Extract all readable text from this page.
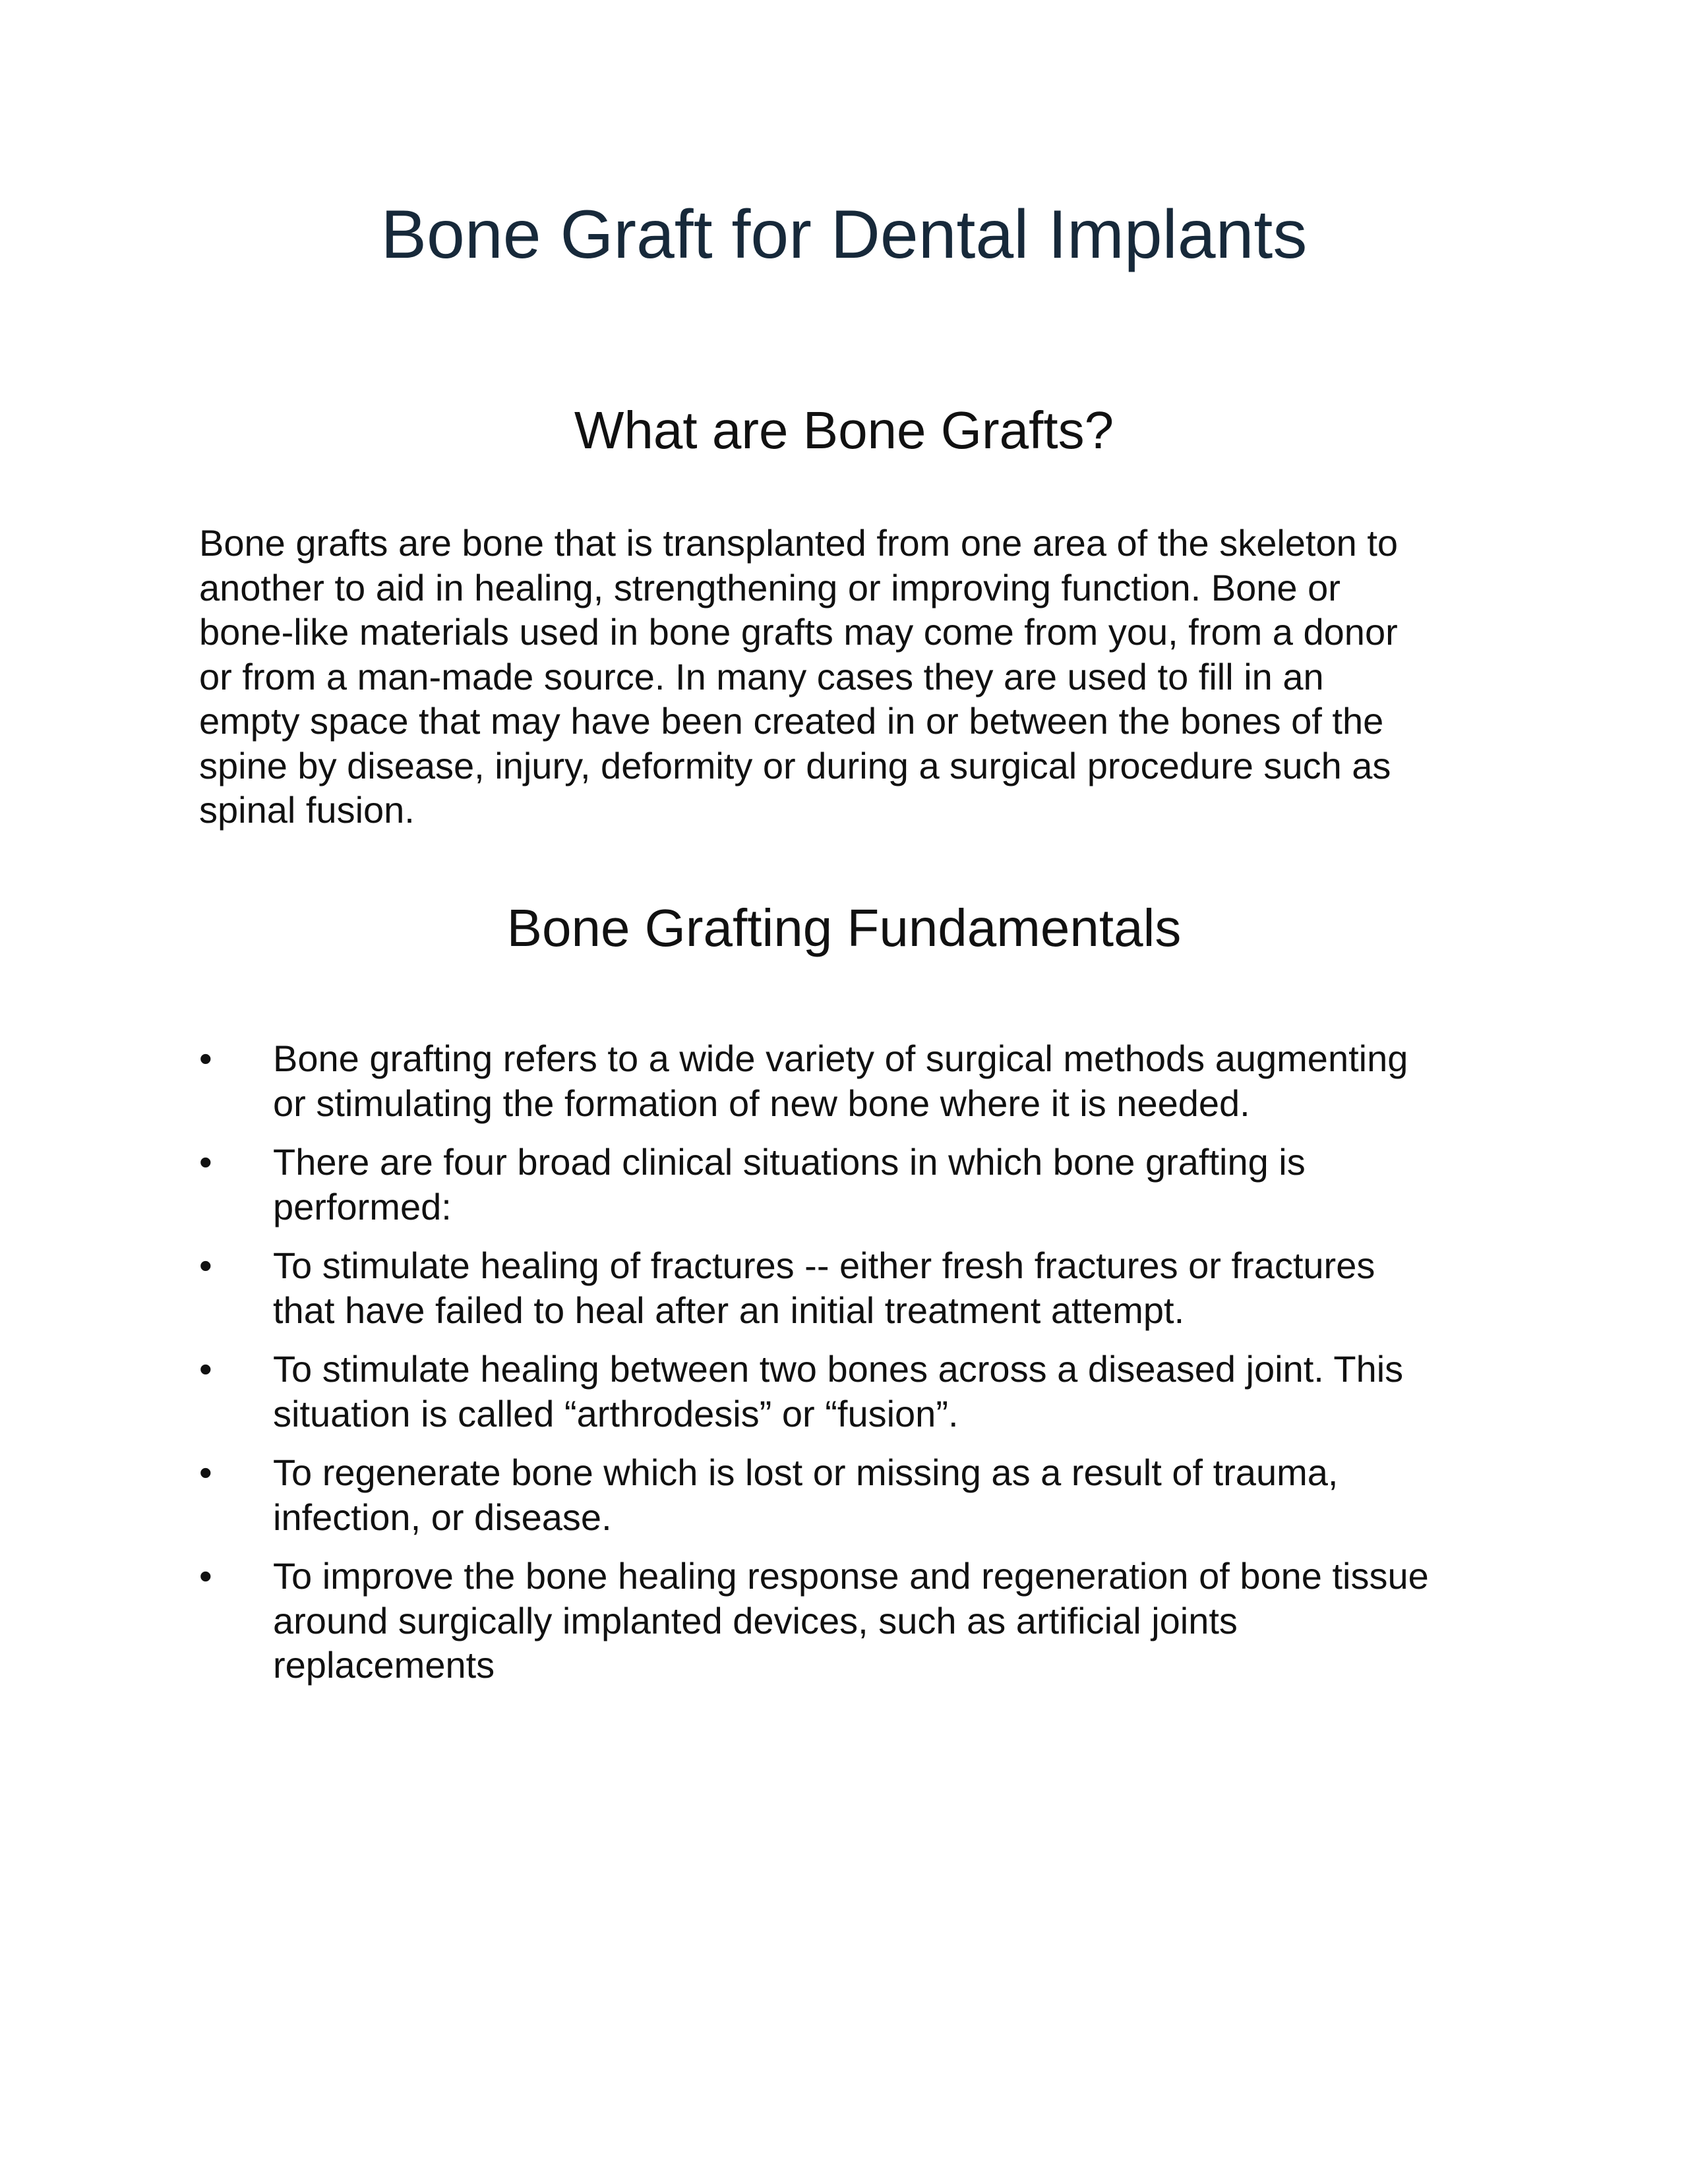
Bone Graft for Dental Implants
What are Bone Grafts?

Bone grafts are bone that is transplanted from one area of the skeleton to
another to aid in healing, strengthening or improving function. Bone or
bone-like materials used in bone grafts may come from you, from a donor
or from a man-made source. In many cases they are used to fill in an
empty space that may have been created in or between the bones of the
spine by disease, injury, deformity or during a surgical procedure such as
spinal fusion.

Bone Grafting Fundamentals
•	Bone grafting refers to a wide variety of surgical methods augmenting
or stimulating the formation of new bone where it is needed.
•	There are four broad clinical situations in which bone grafting is
performed:
•	To stimulate healing of fractures -- either fresh fractures or fractures
that have failed to heal after an initial treatment attempt.
•	To stimulate healing between two bones across a diseased joint. This
situation is called “arthrodesis” or “fusion”.
•	To regenerate bone which is lost or missing as a result of trauma,
infection, or disease.
•	To improve the bone healing response and regeneration of bone tissue
around surgically implanted devices, such as artificial joints
replacements
